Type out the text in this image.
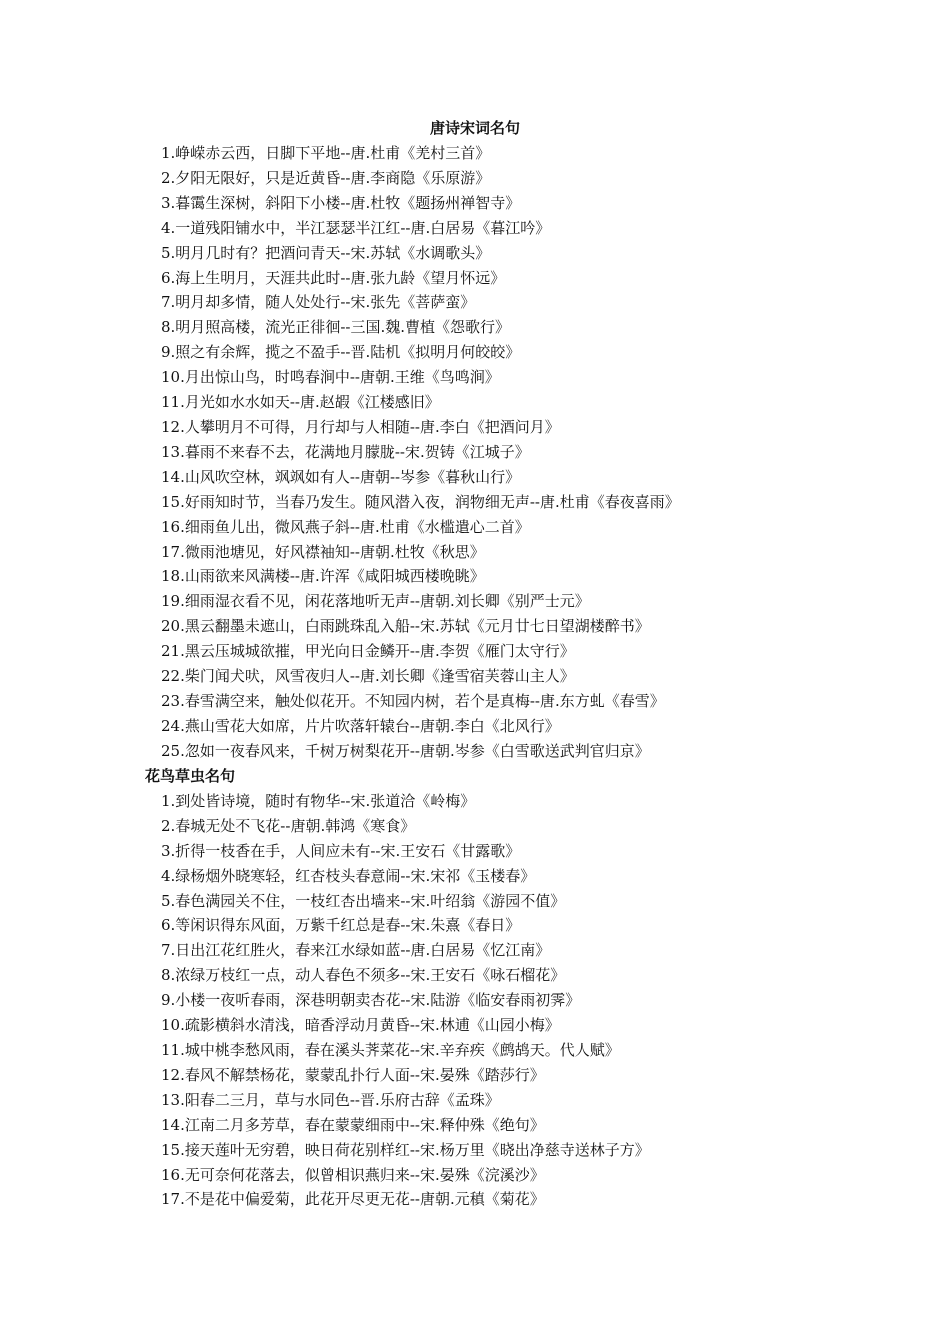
唐诗宋词名句
1.峥嵘赤云西，日脚下平地--唐.杜甫《羌村三首》
2.夕阳无限好，只是近黄昏--唐.李商隐《乐原游》
3.暮霭生深树，斜阳下小楼--唐.杜牧《题扬州禅智寺》
4.一道残阳铺水中，半江瑟瑟半江红--唐.白居易《暮江吟》
5.明月几时有？把酒问青天--宋.苏轼《水调歌头》
6.海上生明月，天涯共此时--唐.张九龄《望月怀远》
7.明月却多情，随人处处行--宋.张先《菩萨蛮》
8.明月照高楼，流光正徘徊--三国.魏.曹植《怨歌行》
9.照之有余辉，揽之不盈手--晋.陆机《拟明月何皎皎》
10.月出惊山鸟，时鸣春涧中--唐朝.王维《鸟鸣涧》
11.月光如水水如天--唐.赵嘏《江楼感旧》
12.人攀明月不可得，月行却与人相随--唐.李白《把酒问月》
13.暮雨不来春不去，花满地月朦胧--宋.贺铸《江城子》
14.山风吹空林，飒飒如有人--唐朝--岑参《暮秋山行》
15.好雨知时节，当春乃发生。随风潜入夜，润物细无声--唐.杜甫《春夜喜雨》
16.细雨鱼儿出，微风燕子斜--唐.杜甫《水槛遣心二首》
17.微雨池塘见，好风襟袖知--唐朝.杜牧《秋思》
18.山雨欲来风满楼--唐.许浑《咸阳城西楼晚眺》
19.细雨湿衣看不见，闲花落地听无声--唐朝.刘长卿《别严士元》
20.黑云翻墨未遮山，白雨跳珠乱入船--宋.苏轼《元月廿七日望湖楼醉书》
21.黑云压城城欲摧，甲光向日金鳞开--唐.李贺《雁门太守行》
22.柴门闻犬吠，风雪夜归人--唐.刘长卿《逢雪宿芙蓉山主人》
23.春雪满空来，触处似花开。不知园内树，若个是真梅--唐.东方虬《春雪》
24.燕山雪花大如席，片片吹落轩辕台--唐朝.李白《北风行》
25.忽如一夜春风来，千树万树梨花开--唐朝.岑参《白雪歌送武判官归京》
花鸟草虫名句
1.到处皆诗境，随时有物华--宋.张道洽《岭梅》
2.春城无处不飞花--唐朝.韩鸿《寒食》
3.折得一枝香在手，人间应未有--宋.王安石《甘露歌》
4.绿杨烟外晓寒轻，红杏枝头春意闹--宋.宋祁《玉楼春》
5.春色满园关不住，一枝红杏出墙来--宋.叶绍翁《游园不值》
6.等闲识得东风面，万紫千红总是春--宋.朱熹《春日》
7.日出江花红胜火，春来江水绿如蓝--唐.白居易《忆江南》
8.浓绿万枝红一点，动人春色不须多--宋.王安石《咏石榴花》
9.小楼一夜听春雨，深巷明朝卖杏花--宋.陆游《临安春雨初霁》
10.疏影横斜水清浅，暗香浮动月黄昏--宋.林逋《山园小梅》
11.城中桃李愁风雨，春在溪头荠菜花--宋.辛弃疾《鹧鸪天。代人赋》
12.春风不解禁杨花，蒙蒙乱扑行人面--宋.晏殊《踏莎行》
13.阳春二三月，草与水同色--晋.乐府古辞《孟珠》
14.江南二月多芳草，春在蒙蒙细雨中--宋.释仲殊《绝句》
15.接天莲叶无穷碧，映日荷花别样红--宋.杨万里《晓出净慈寺送林子方》
16.无可奈何花落去，似曾相识燕归来--宋.晏殊《浣溪沙》
17.不是花中偏爱菊，此花开尽更无花--唐朝.元稹《菊花》
